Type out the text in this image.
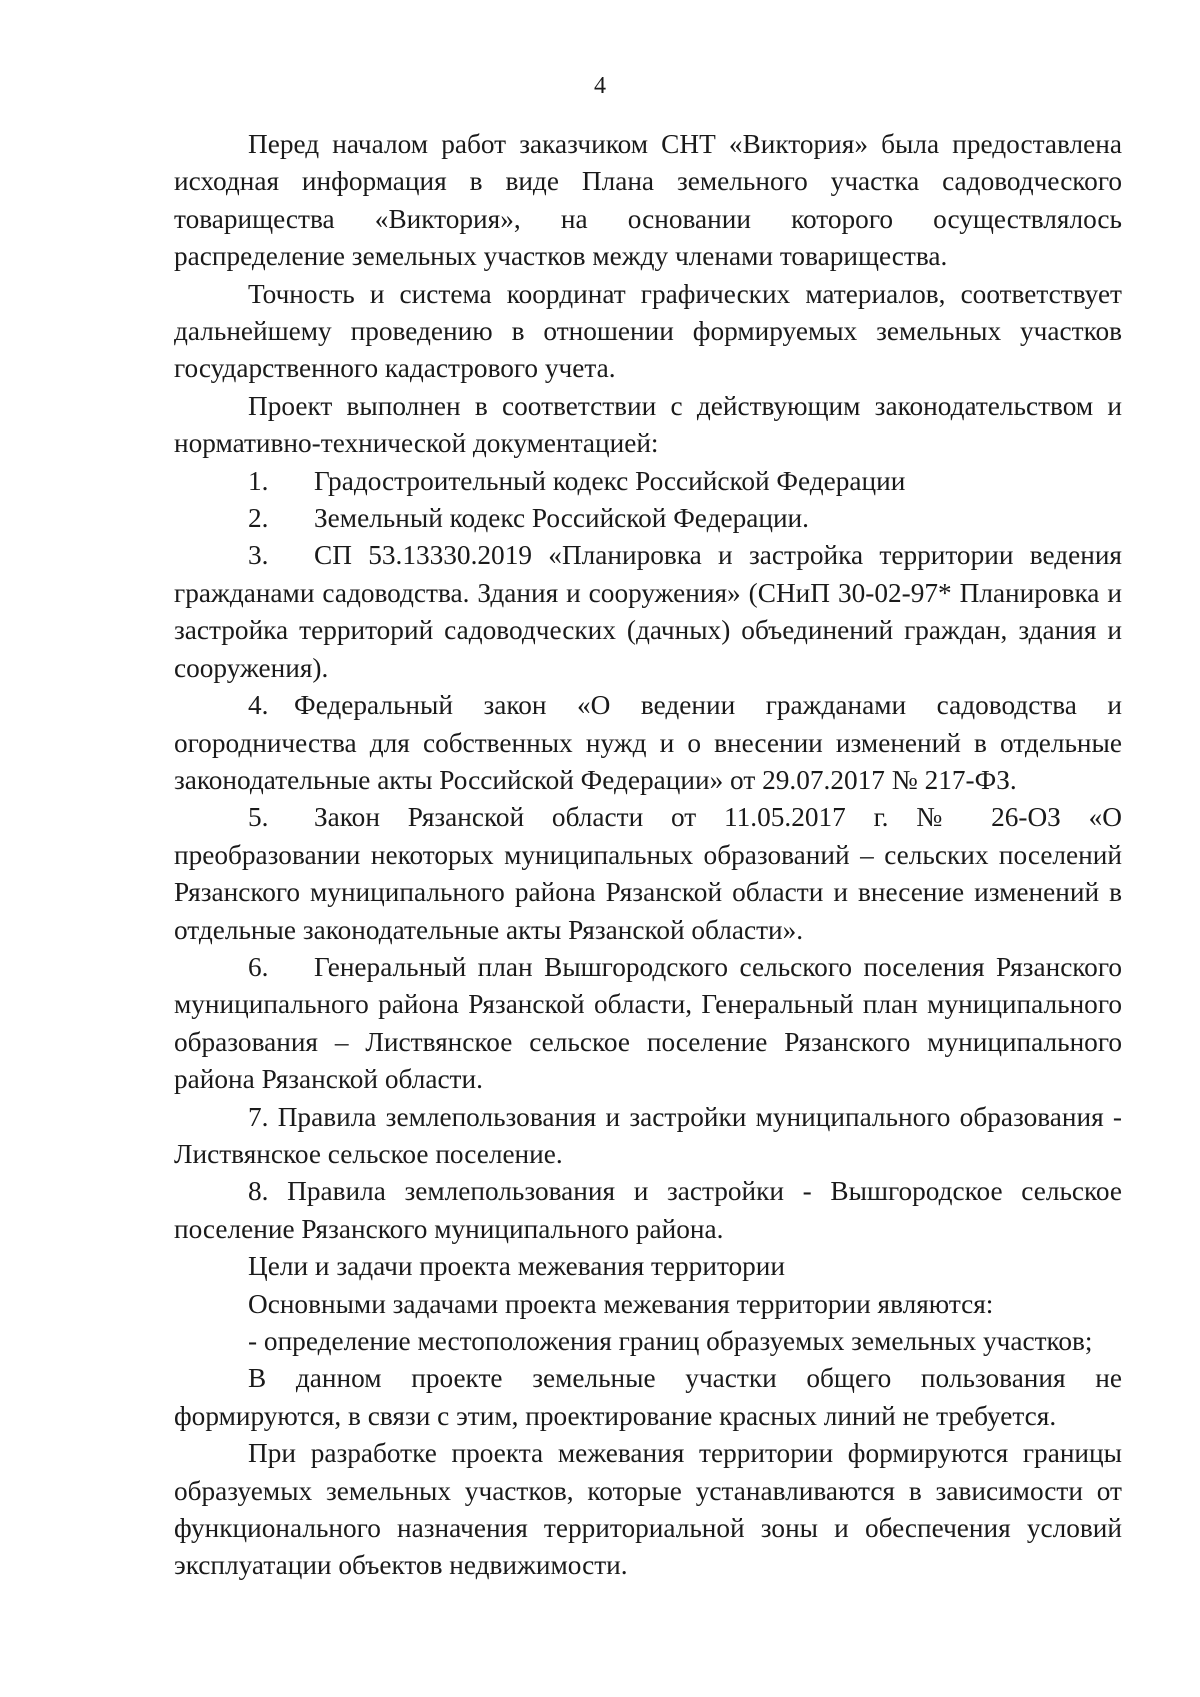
4

Перед началом работ заказчиком СНТ «Виктория» была предоставлена исходная информация в виде Плана земельного участка садоводческого товарищества «Виктория», на основании которого осуществлялось распределение земельных участков между членами товарищества.

Точность и система координат графических материалов, соответствует дальнейшему проведению в отношении формируемых земельных участков государственного кадастрового учета.

Проект выполнен в соответствии с действующим законодательством и нормативно-технической документацией:

1. Градостроительный кодекс Российской Федерации

2. Земельный кодекс Российской Федерации.

3. СП 53.13330.2019 «Планировка и застройка территории ведения гражданами садоводства. Здания и сооружения» (СНиП 30-02-97* Планировка и застройка территорий садоводческих (дачных) объединений граждан, здания и сооружения).

4. Федеральный закон «О ведении гражданами садоводства и огородничества для собственных нужд и о внесении изменений в отдельные законодательные акты Российской Федерации» от 29.07.2017 № 217-ФЗ.

5. Закон Рязанской области от 11.05.2017 г. № 26-ОЗ «О преобразовании некоторых муниципальных образований – сельских поселений Рязанского муниципального района Рязанской области и внесение изменений в отдельные законодательные акты Рязанской области».

6. Генеральный план Вышгородского сельского поселения Рязанского муниципального района Рязанской области, Генеральный план муниципального образования – Листвянское сельское поселение Рязанского муниципального района Рязанской области.

7. Правила землепользования и застройки муниципального образования - Листвянское сельское поселение.

8. Правила землепользования и застройки - Вышгородское сельское поселение Рязанского муниципального района.

Цели и задачи проекта межевания территории

Основными задачами проекта межевания территории являются:

- определение местоположения границ образуемых земельных участков;

В данном проекте земельные участки общего пользования не формируются, в связи с этим, проектирование красных линий не требуется.

При разработке проекта межевания территории формируются границы образуемых земельных участков, которые устанавливаются в зависимости от функционального назначения территориальной зоны и обеспечения условий эксплуатации объектов недвижимости.
